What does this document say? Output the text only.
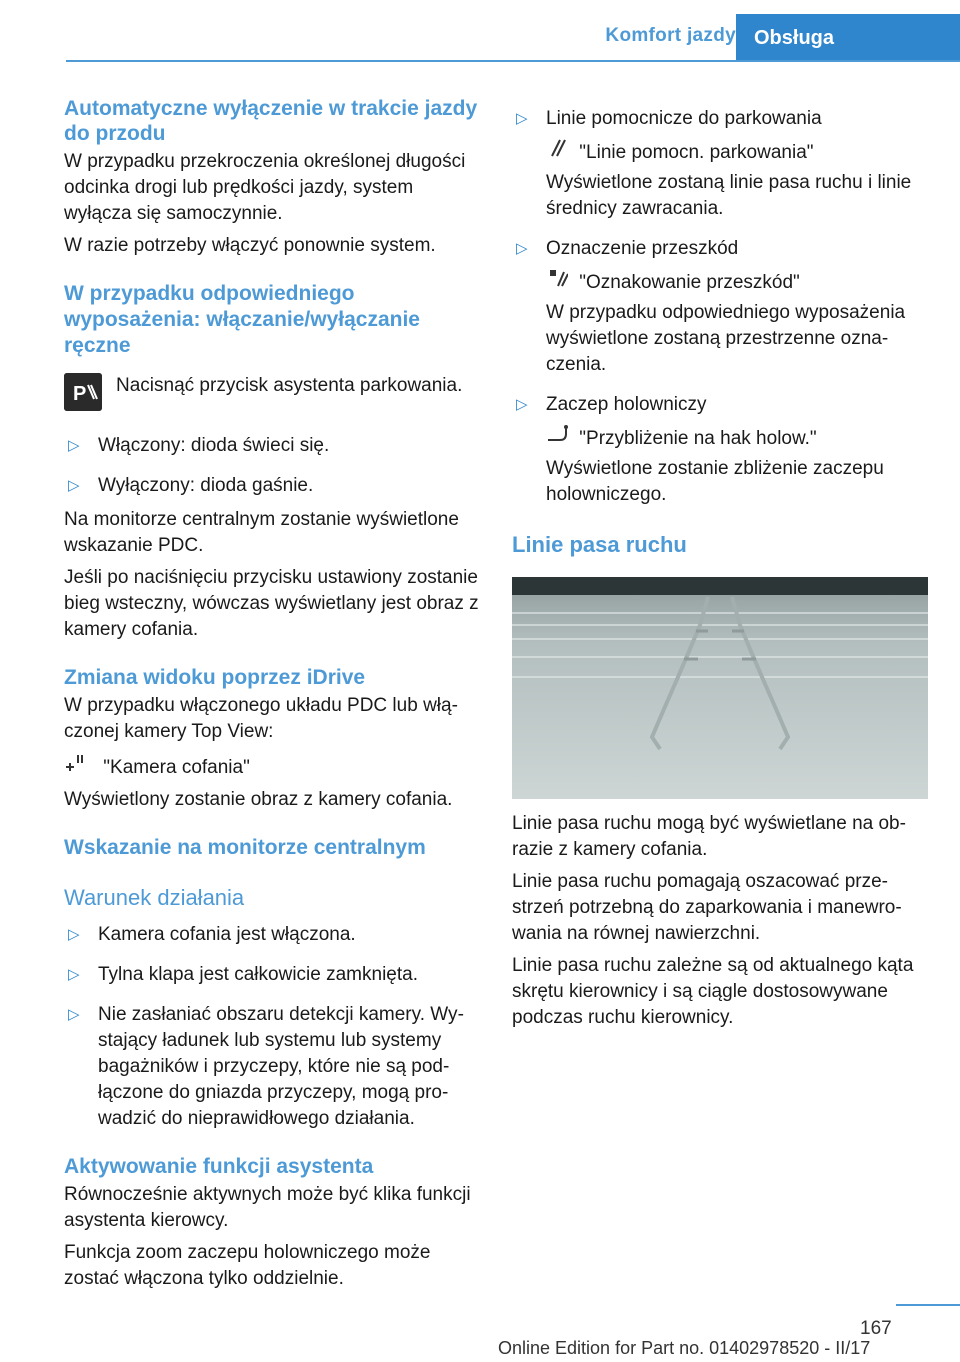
Komfort jazdy Obsługa
Automatyczne wyłączenie w trakcie jazdy do przodu

W przypadku przekroczenia określonej długości odcinka drogi lub prędkości jazdy, system wyłącza się samoczynnie.

W razie potrzeby włączyć ponownie system.

W przypadku odpowiedniego wyposażenia: włączanie/wyłączanie ręczne
P Nacisnąć przycisk asystenta parkowania.
▷ Włączony: dioda świeci się.
▷ Wyłączony: dioda gaśnie.

Na monitorze centralnym zostanie wyświetlone wskazanie PDC.

Jeśli po naciśnięciu przycisku ustawiony zostanie bieg wsteczny, wówczas wyświetlany jest obraz z kamery cofania.

Zmiana widoku poprzez iDrive

W przypadku włączonego układu PDC lub włączonej kamery Top View:

"Kamera cofania"

Wyświetlony zostanie obraz z kamery cofania.

Wskazanie na monitorze centralnym
Warunek działania
▷ Kamera cofania jest włączona.
▷ Tylna klapa jest całkowicie zamknięta.
▷ Nie zasłaniać obszaru detekcji kamery. Wystający ładunek lub systemu lub systemy bagażników i przyczepy, które nie są podłączone do gniazda przyczepy, mogą prowadzić do nieprawidłowego działania.
Aktywowanie funkcji asystenta

Równocześnie aktywnych może być klika funkcji asystenta kierowcy.

Funkcja zoom zaczepu holowniczego może zostać włączona tylko oddzielnie.

▷ Linie pomocnicze do parkowania
"Linie pomocn. parkowania"
Wyświetlone zostaną linie pasa ruchu i linie średnicy zawracania.
▷ Oznaczenie przeszkód
"Oznakowanie przeszkód"
W przypadku odpowiedniego wyposażenia wyświetlone zostaną przestrzenne oznaczenia.
▷ Zaczep holowniczy
"Przybliżenie na hak holow."
Wyświetlone zostanie zbliżenie zaczepu holowniczego.
Linie pasa ruchu

Linie pasa ruchu mogą być wyświetlane na obrazie z kamery cofania.

Linie pasa ruchu pomagają oszacować przestrzeń potrzebną do zaparkowania i manewrowania na równej nawierzchni.

Linie pasa ruchu zależne są od aktualnego kąta skrętu kierownicy i są ciągle dostosowywane podczas ruchu kierownicy.

167
Online Edition for Part no. 01402978520 - II/17
